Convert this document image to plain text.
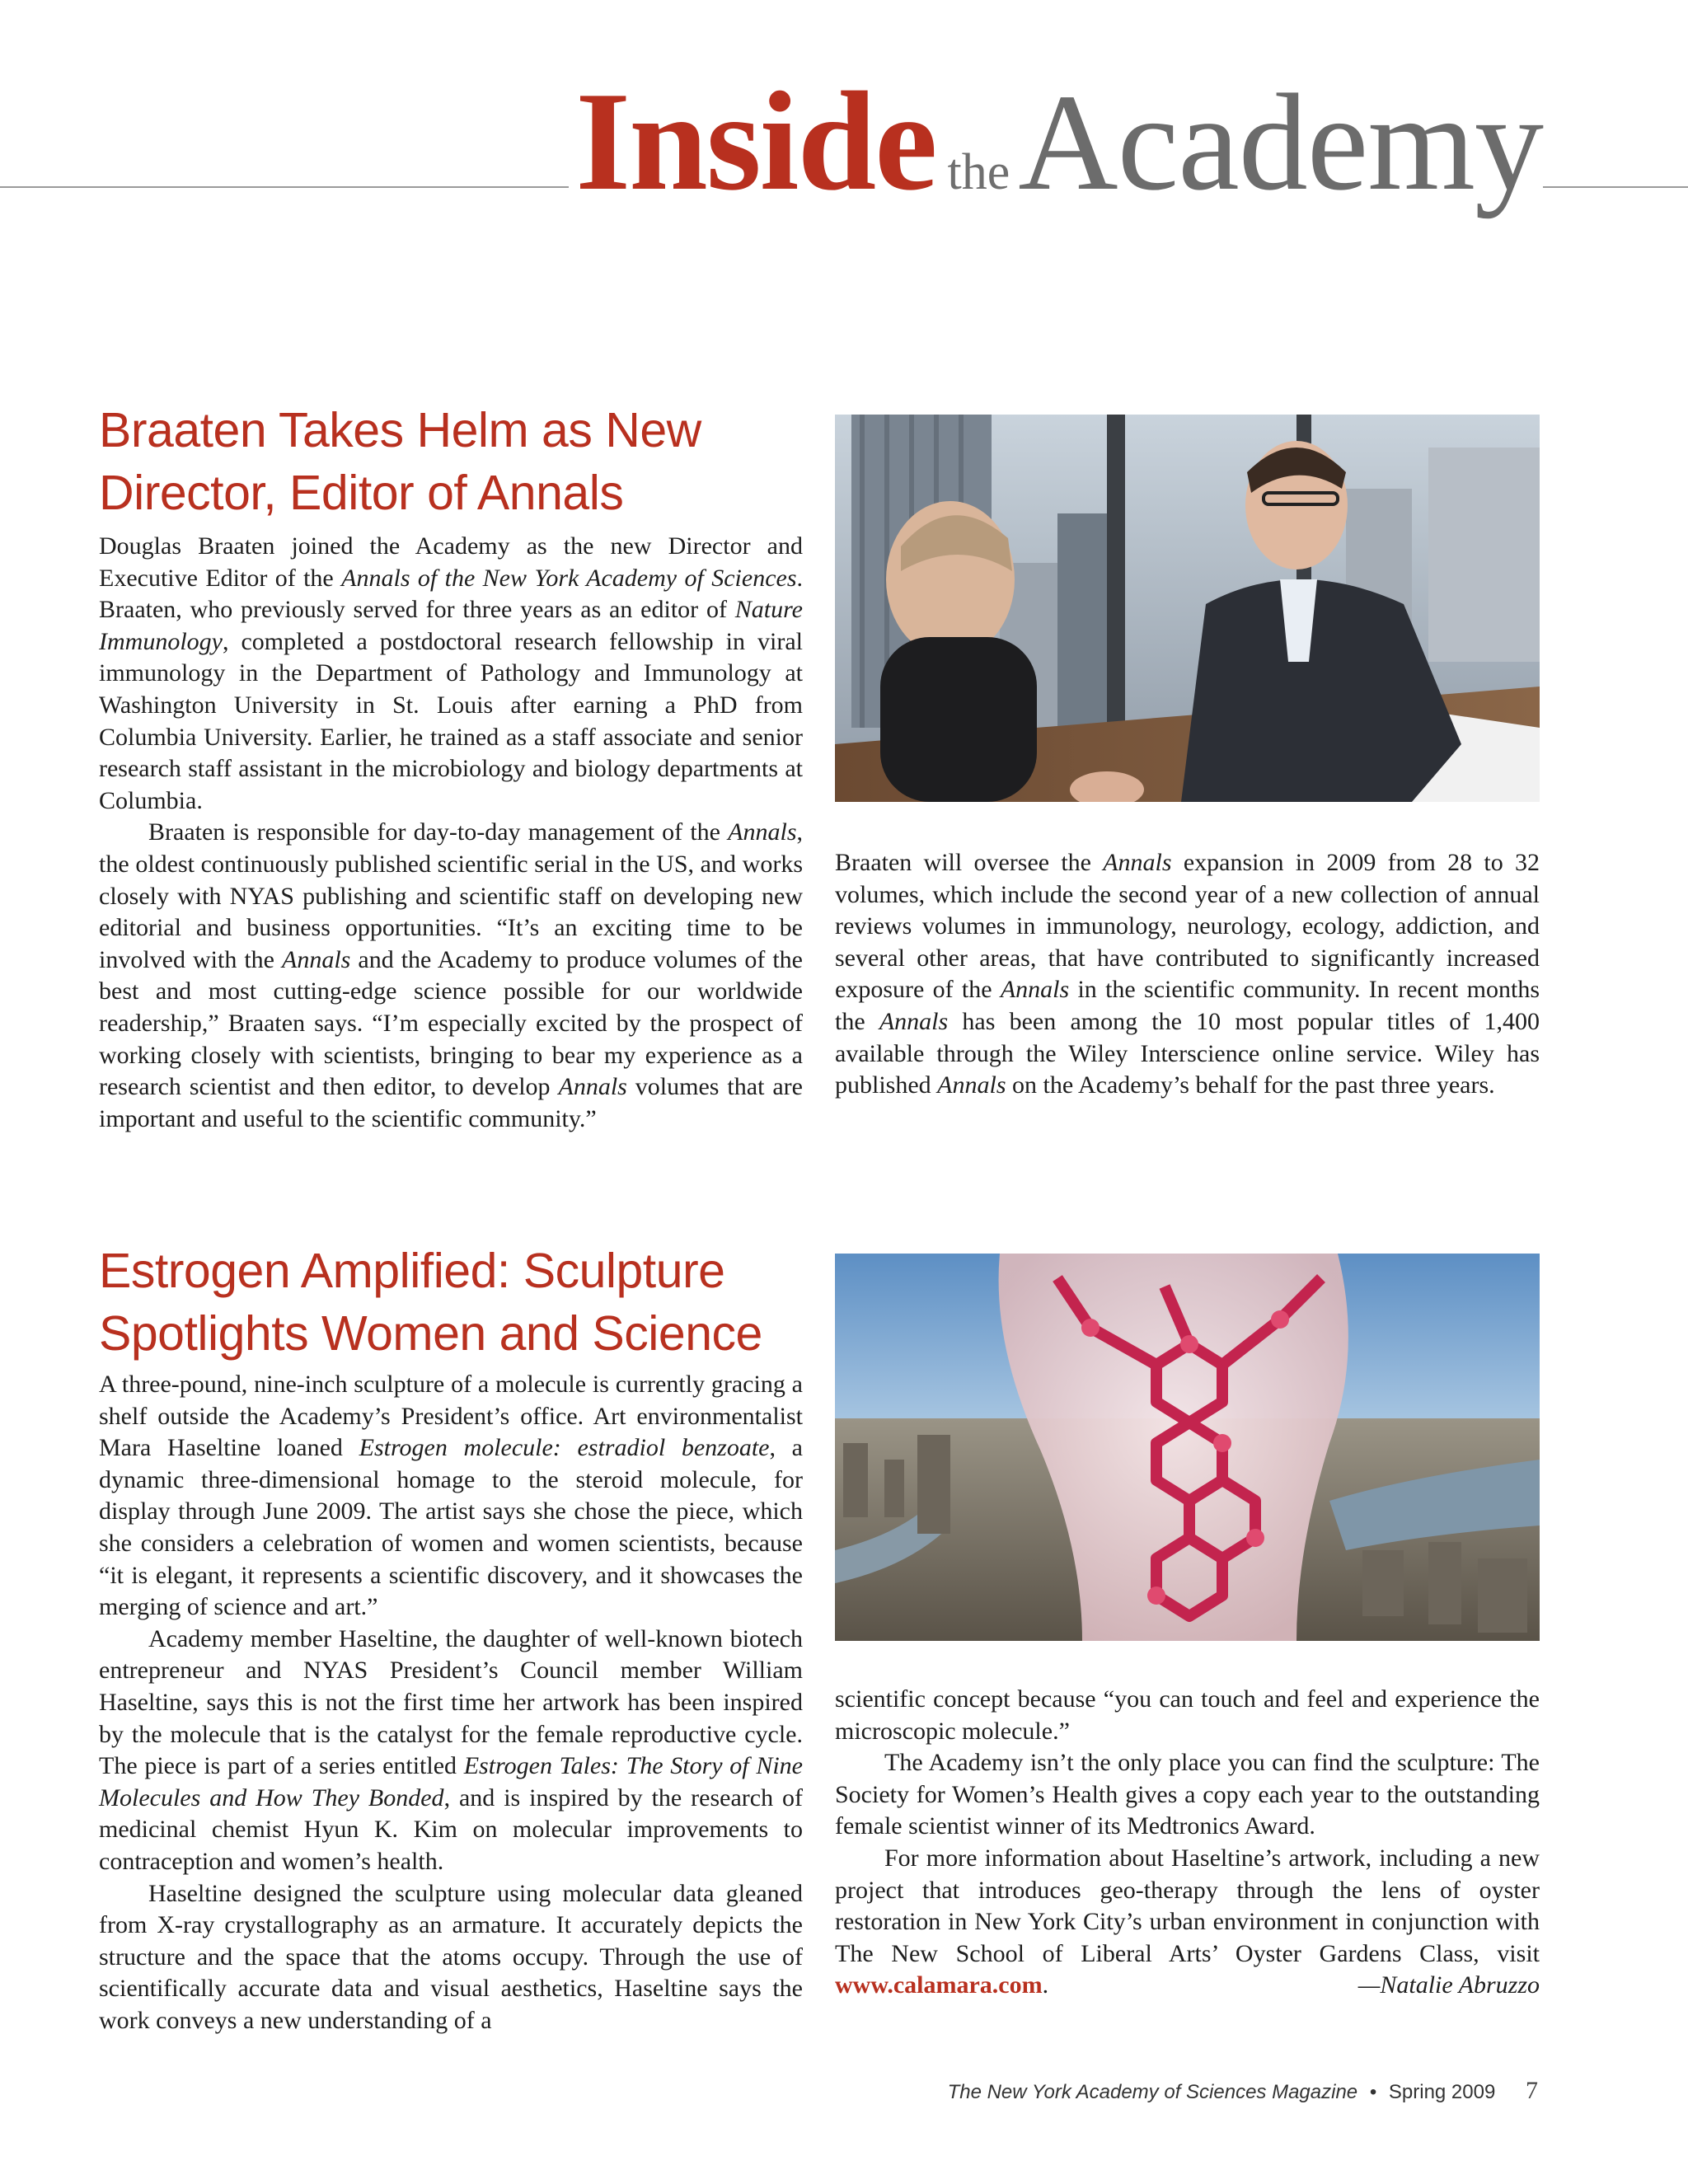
Inside theAcademy
Braaten Takes Helm as New
Director, Editor of Annals

Douglas Braaten joined the Academy as the new Director and Executive Editor of the Annals of the New York Academy of Sciences. Braaten, who previously served for three years as an editor of Nature Immunology, completed a postdoctoral research fellowship in viral immunology in the Department of Pathology and Immunology at Washington University in St. Louis after earning a PhD from Columbia University. Earlier, he trained as a staff associate and senior research staff assistant in the microbiology and biology departments at Columbia.

Braaten is responsible for day-to-day management of the Annals, the oldest continuously published scientific serial in the US, and works closely with NYAS publishing and scientific staff on developing new editorial and business opportunities. “It’s an exciting time to be involved with the Annals and the Academy to produce volumes of the best and most cutting-edge science possible for our worldwide readership,” Braaten says. “I’m especially excited by the prospect of working closely with scientists, bringing to bear my experience as a research scientist and then editor, to develop Annals volumes that are important and useful to the scientific community.”

Braaten will oversee the Annals expansion in 2009 from 28 to 32 volumes, which include the second year of a new collection of annual reviews volumes in immunology, neurology, ecology, addiction, and several other areas, that have contributed to significantly increased exposure of the Annals in the scientific community. In recent months the Annals has been among the 10 most popular titles of 1,400 available through the Wiley Interscience online service. Wiley has published Annals on the Academy’s behalf for the past three years.

Estrogen Amplified: Sculpture
Spotlights Women and Science

A three-pound, nine-inch sculpture of a molecule is currently gracing a shelf outside the Academy’s President’s office. Art environmentalist Mara Haseltine loaned Estrogen molecule: estradiol benzoate, a dynamic three-dimensional homage to the steroid molecule, for display through June 2009. The artist says she chose the piece, which she considers a celebration of women and women scientists, because “it is elegant, it represents a scientific discovery, and it showcases the merging of science and art.”

Academy member Haseltine, the daughter of well-known biotech entrepreneur and NYAS President’s Council member William Haseltine, says this is not the first time her artwork has been inspired by the molecule that is the catalyst for the female reproductive cycle. The piece is part of a series entitled Estrogen Tales: The Story of Nine Molecules and How They Bonded, and is inspired by the research of medicinal chemist Hyun K. Kim on molecular improvements to contraception and women’s health.

Haseltine designed the sculpture using molecular data gleaned from X-ray crystallography as an armature. It accurately depicts the structure and the space that the atoms occupy. Through the use of scientifically accurate data and visual aesthetics, Haseltine says the work conveys a new understanding of a

scientific concept because “you can touch and feel and experience the microscopic molecule.”

The Academy isn’t the only place you can find the sculpture: The Society for Women’s Health gives a copy each year to the outstanding female scientist winner of its Medtronics Award.

For more information about Haseltine’s artwork, including a new project that introduces geo-therapy through the lens of oyster restoration in New York City’s urban environment in conjunction with The New School of Liberal Arts’ Oyster Gardens Class, visit www.calamara.com.	—Natalie Abruzzo

The New York Academy of Sciences Magazine • Spring 2009 7
